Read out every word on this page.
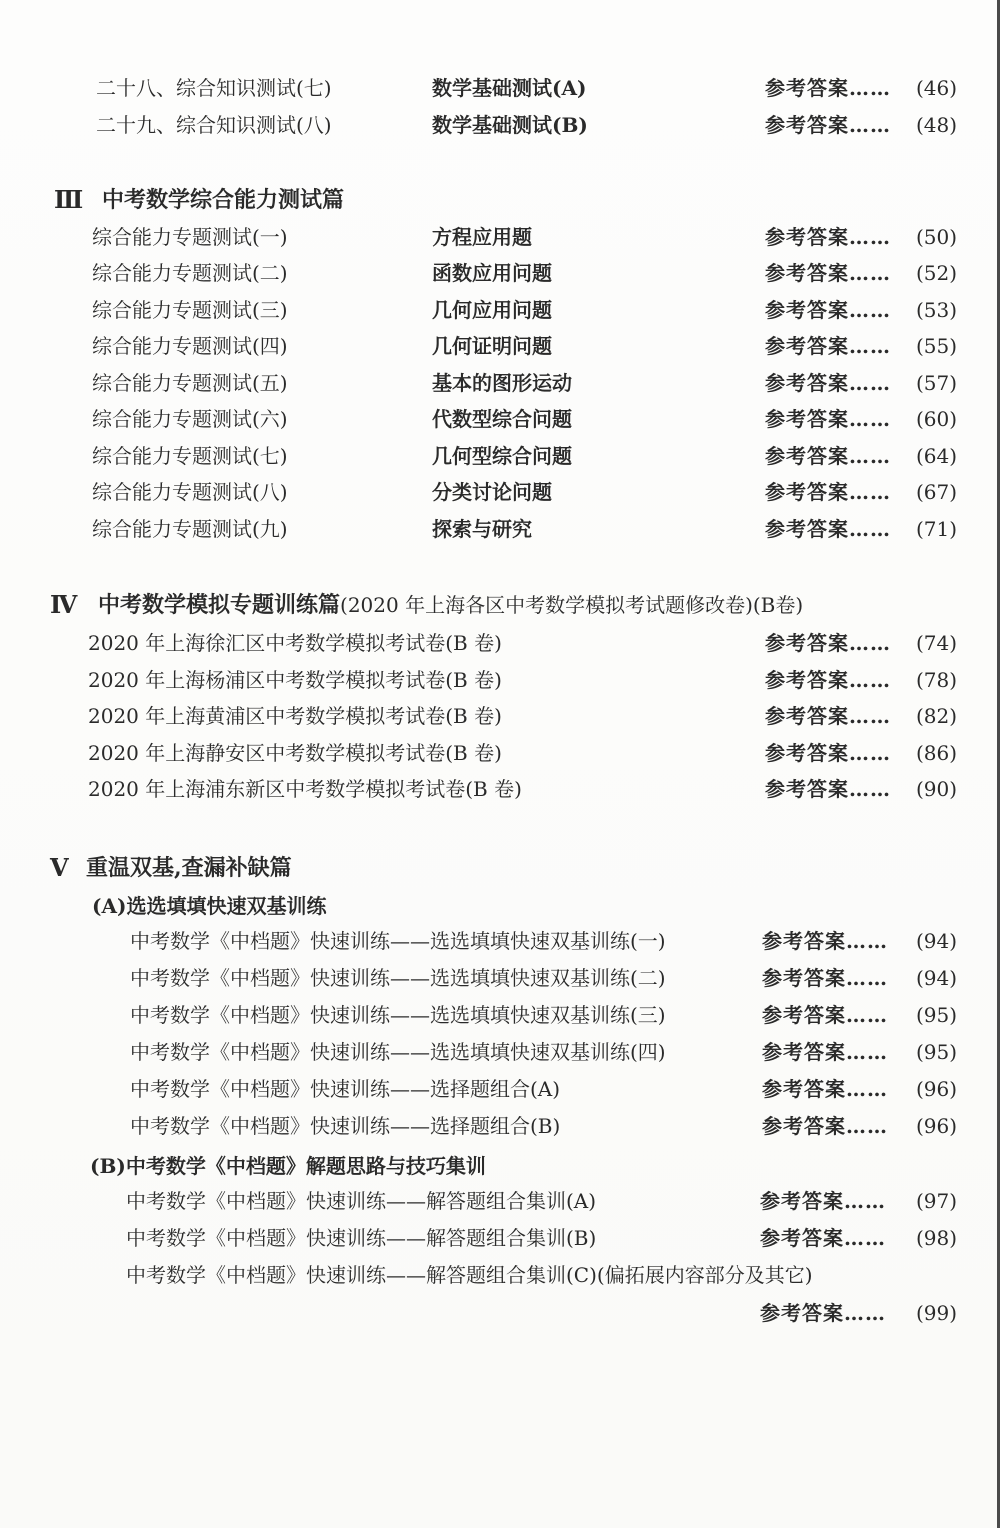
二十八、综合知识测试(七)	数学基础测试(A)	参考答案…… (46)
二十九、综合知识测试(八)	数学基础测试(B)	参考答案…… (48)
Ⅲ 中考数学综合能力测试篇
综合能力专题测试(一)	方程应用题	参考答案…… (50)
综合能力专题测试(二)	函数应用问题	参考答案…… (52)
综合能力专题测试(三)	几何应用问题	参考答案…… (53)
综合能力专题测试(四)	几何证明问题	参考答案…… (55)
综合能力专题测试(五)	基本的图形运动	参考答案…… (57)
综合能力专题测试(六)	代数型综合问题	参考答案…… (60)
综合能力专题测试(七)	几何型综合问题	参考答案…… (64)
综合能力专题测试(八)	分类讨论问题	参考答案…… (67)
综合能力专题测试(九)	探索与研究	参考答案…… (71)
Ⅳ 中考数学模拟专题训练篇(2020 年上海各区中考数学模拟考试题修改卷)(B卷)
2020 年上海徐汇区中考数学模拟考试卷(B 卷)	参考答案…… (74)
2020 年上海杨浦区中考数学模拟考试卷(B 卷)	参考答案…… (78)
2020 年上海黄浦区中考数学模拟考试卷(B 卷)	参考答案…… (82)
2020 年上海静安区中考数学模拟考试卷(B 卷)	参考答案…… (86)
2020 年上海浦东新区中考数学模拟考试卷(B 卷)	参考答案…… (90)
Ⅴ 重温双基,查漏补缺篇
(A)选选填填快速双基训练
中考数学《中档题》快速训练——选选填填快速双基训练(一)	参考答案…… (94)
中考数学《中档题》快速训练——选选填填快速双基训练(二)	参考答案…… (94)
中考数学《中档题》快速训练——选选填填快速双基训练(三)	参考答案…… (95)
中考数学《中档题》快速训练——选选填填快速双基训练(四)	参考答案…… (95)
中考数学《中档题》快速训练——选择题组合(A)	参考答案…… (96)
中考数学《中档题》快速训练——选择题组合(B)	参考答案…… (96)
(B)中考数学《中档题》解题思路与技巧集训
中考数学《中档题》快速训练——解答题组合集训(A)	参考答案…… (97)
中考数学《中档题》快速训练——解答题组合集训(B)	参考答案…… (98)
中考数学《中档题》快速训练——解答题组合集训(C)(偏拓展内容部分及其它)
参考答案…… (99)
